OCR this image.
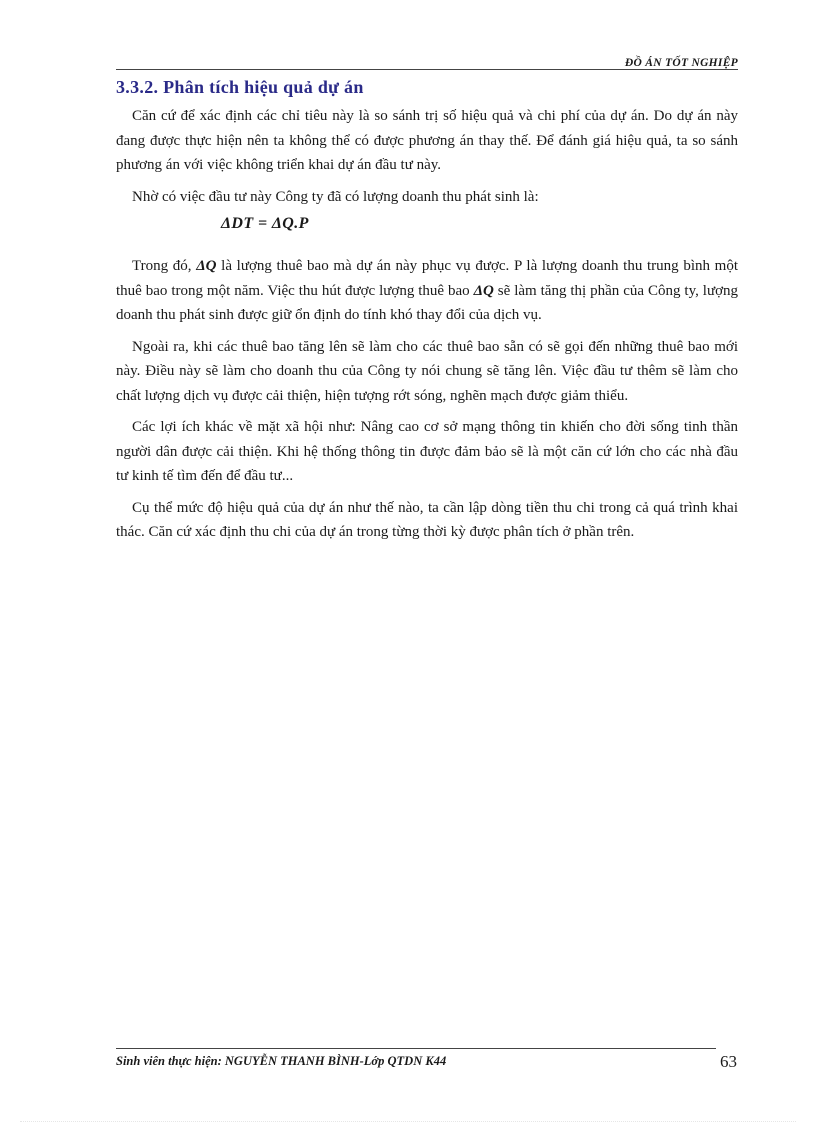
ĐỒ ÁN TỐT NGHIỆP
3.3.2. Phân tích hiệu quả dự án

Căn cứ để xác định các chỉ tiêu này là so sánh trị số hiệu quả và chi phí của dự án. Do dự án này đang được thực hiện nên ta không thể có được phương án thay thế. Để đánh giá hiệu quả, ta so sánh phương án với việc không triển khai dự án đầu tư này.

Nhờ có việc đầu tư này Công ty đã có lượng doanh thu phát sinh là:

ΔDT = ΔQ.P

Trong đó, ΔQ là lượng thuê bao mà dự án này phục vụ được. P là lượng doanh thu trung bình một thuê bao trong một năm. Việc thu hút được lượng thuê bao ΔQ sẽ làm tăng thị phần của Công ty, lượng doanh thu phát sinh được giữ ổn định do tính khó thay đổi của dịch vụ.

Ngoài ra, khi các thuê bao tăng lên sẽ làm cho các thuê bao sẵn có sẽ gọi đến những thuê bao mới này. Điều này sẽ làm cho doanh thu của Công ty nói chung sẽ tăng lên. Việc đầu tư thêm sẽ làm cho chất lượng dịch vụ được cải thiện, hiện tượng rớt sóng, nghẽn mạch được giảm thiểu.

Các lợi ích khác về mặt xã hội như: Nâng cao cơ sở mạng thông tin khiến cho đời sống tinh thần người dân được cải thiện. Khi hệ thống thông tin được đảm bảo sẽ là một căn cứ lớn cho các nhà đầu tư kinh tế tìm đến để đầu tư...

Cụ thể mức độ hiệu quả của dự án như thế nào, ta cần lập dòng tiền thu chi trong cả quá trình khai thác. Căn cứ xác định thu chi của dự án trong từng thời kỳ được phân tích ở phần trên.

Sinh viên thực hiện: NGUYỄN THANH BÌNH-Lớp QTDN K44	63
